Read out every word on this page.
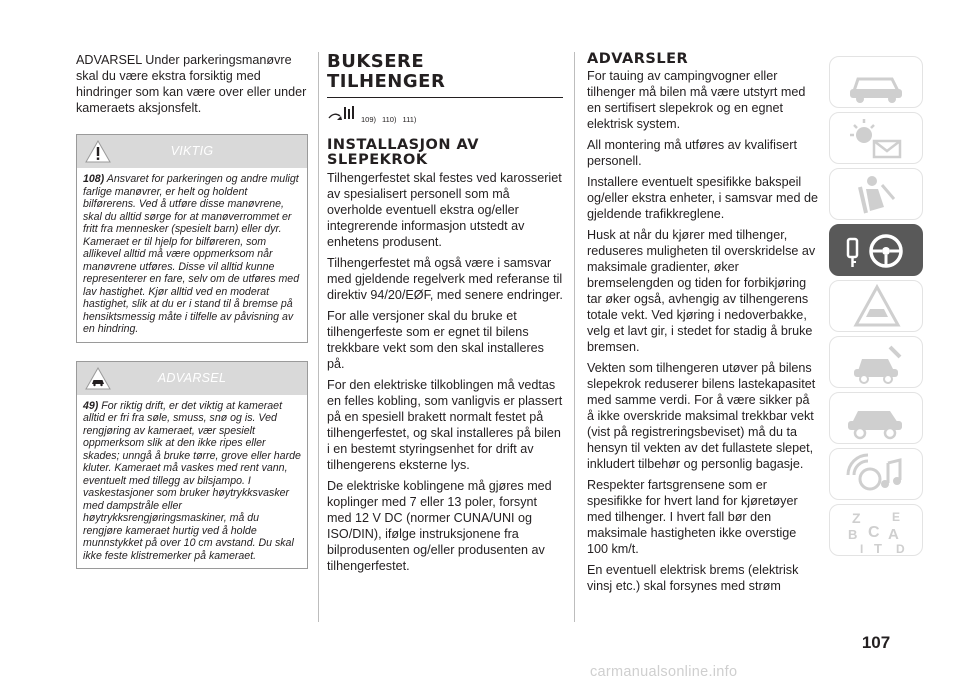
ADVARSEL Under parkeringsmanøvre skal du være ekstra forsiktig med hindringer som kan være over eller under kameraets aksjonsfelt.

VIKTIG
108) Ansvaret for parkeringen og andre muligt farlige manøvrer, er helt og holdent bilførerens. Ved å utføre disse manøvrene, skal du alltid sørge for at manøverrommet er fritt fra mennesker (spesielt barn) eller dyr. Kameraet er til hjelp for bilføreren, som allikevel alltid må være oppmerksom når manøvrene utføres. Disse vil alltid kunne representerer en fare, selv om de utføres med lav hastighet. Kjør alltid ved en moderat hastighet, slik at du er i stand til å bremse på hensiktsmessig måte i tilfelle av påvisning av en hindring.
ADVARSEL
49) For riktig drift, er det viktig at kameraet alltid er fri fra søle, smuss, snø og is. Ved rengjøring av kameraet, vær spesielt oppmerksom slik at den ikke ripes eller skades; unngå å bruke tørre, grove eller harde kluter. Kameraet må vaskes med rent vann, eventuelt med tillegg av bilsjampo. I vaskestasjoner som bruker høytrykksvasker med dampstråle eller høytrykksrengjøringsmaskiner, må du rengjøre kameraet hurtig ved å holde munnstykket på over 10 cm avstand. Du skal ikke feste klistremerker på kameraet.
BUKSERE
TILHENGER
109) 110) 111)
INSTALLASJON AV SLEPEKROK

Tilhengerfestet skal festes ved karosseriet av spesialisert personell som må overholde eventuell ekstra og/eller integrerende informasjon utstedt av enhetens produsent.

Tilhengerfestet må også være i samsvar med gjeldende regelverk med referanse til direktiv 94/20/EØF, med senere endringer.

For alle versjoner skal du bruke et tilhengerfeste som er egnet til bilens trekkbare vekt som den skal installeres på.

For den elektriske tilkoblingen må vedtas en felles kobling, som vanligvis er plassert på en spesiell brakett normalt festet på tilhengerfestet, og skal installeres på bilen i en bestemt styringsenhet for drift av tilhengerens eksterne lys.

De elektriske koblingene må gjøres med koplinger med 7 eller 13 poler, forsynt med 12 V DC (normer CUNA/UNI og ISO/DIN), ifølge instruksjonene fra bilprodusenten og/eller produsenten av tilhengerfestet.

ADVARSLER

For tauing av campingvogner eller tilhenger må bilen må være utstyrt med en sertifisert slepekrok og en egnet elektrisk system.

All montering må utføres av kvalifisert personell.

Installere eventuelt spesifikke bakspeil og/eller ekstra enheter, i samsvar med de gjeldende trafikkreglene.

Husk at når du kjører med tilhenger, reduseres muligheten til overskridelse av maksimale gradienter, øker bremselengden og tiden for forbikjøring tar øker også, avhengig av tilhengerens totale vekt. Ved kjøring i nedoverbakke, velg et lavt gir, i stedet for stadig å bruke bremsen.

Vekten som tilhengeren utøver på bilens slepekrok reduserer bilens lastekapasitet med samme verdi. For å være sikker på å ikke overskride maksimal trekkbar vekt (vist på registreringsbeviset) må du ta hensyn til vekten av det fullastete slepet, inkludert tilbehør og personlig bagasje.

Respekter fartsgrensene som er spesifikke for hvert land for kjøretøyer med tilhenger. I hvert fall bør den maksimale hastigheten ikke overstige 100 km/t.

En eventuell elektrisk brems (elektrisk vinsj etc.) skal forsynes med strøm

Z	E
B C A
I T D
107
carmanualsonline.info
